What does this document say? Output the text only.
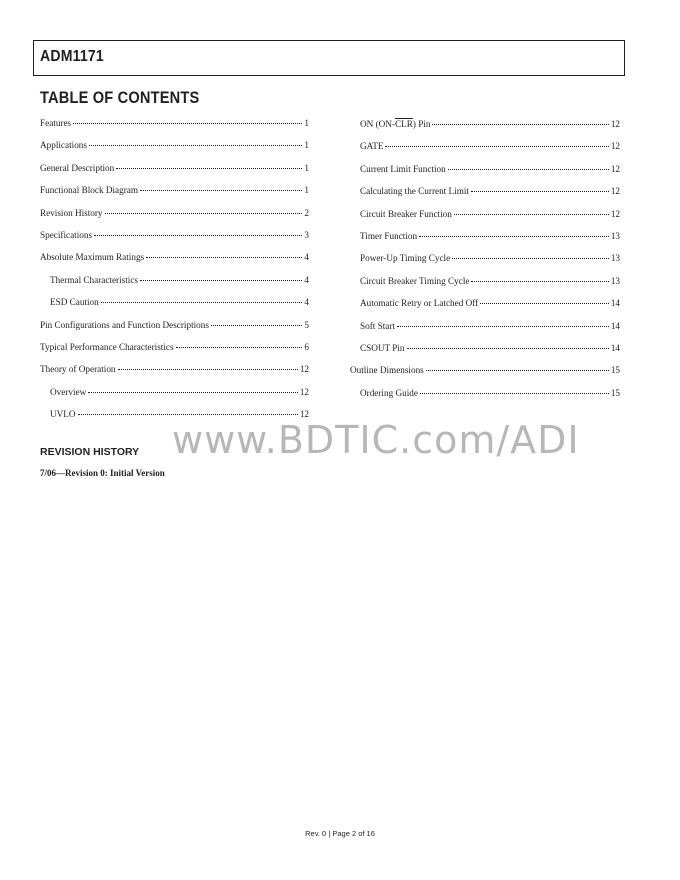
ADM1171
TABLE OF CONTENTS
Features	1
Applications	1
General Description	1
Functional Block Diagram	1
Revision History	2
Specifications	3
Absolute Maximum Ratings	4
Thermal Characteristics	4
ESD Caution	4
Pin Configurations and Function Descriptions	5
Typical Performance Characteristics	6
Theory of Operation	12
Overview	12
UVLO	12
ON $(ON-\overline{CLR})$ Pin	12
GATE	12
Current Limit Function	12
Calculating the Current Limit	12
Circuit Breaker Function	12
Timer Function	13
Power-Up Timing Cycle	13
Circuit Breaker Timing Cycle	13
Automatic Retry or Latched Off	14
Soft Start	14
CSOUT Pin	14
Outline Dimensions	15
Ordering Guide	15
www.BDTIC.com/ADI
REVISION HISTORY
7/06—Revision 0: Initial Version
Rev. 0 | Page 2 of 16
